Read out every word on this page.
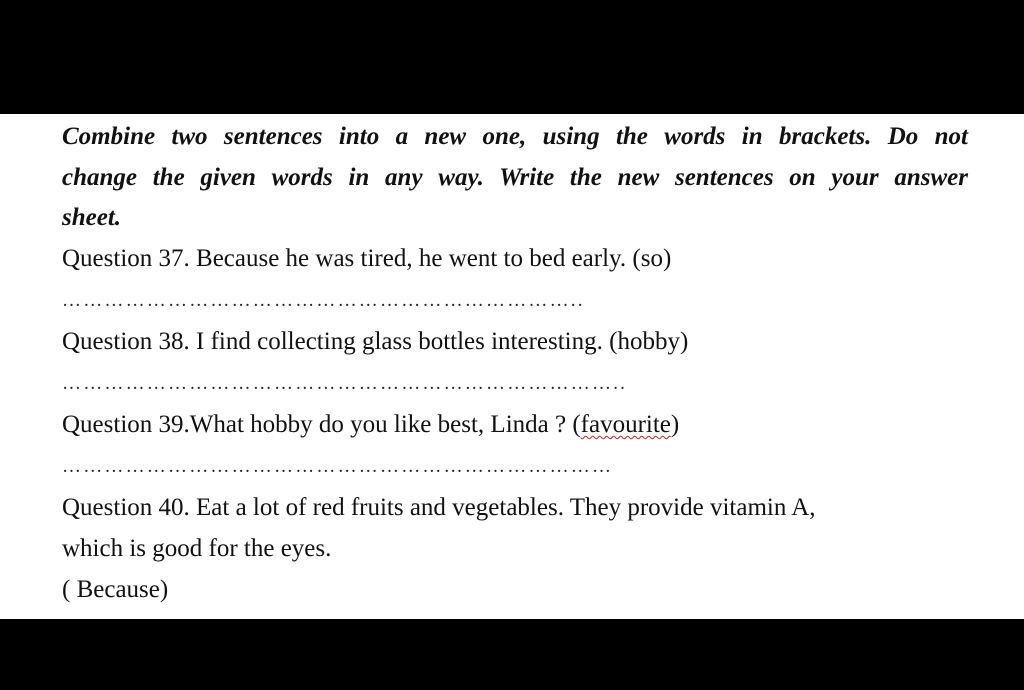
Combine two sentences into a new one, using the words in brackets. Do not

change the given words in any way. Write the new sentences on your answer

sheet.

Question 37. Because he was tired, he went to bed early. (so)

………………………………………………………………..

Question 38. I find collecting glass bottles interesting. (hobby)

……………………………………………………………………..

Question 39.What hobby do you like best, Linda ? (favourite)

……………………………………………………………………

Question 40. Eat a lot of red fruits and vegetables. They provide vitamin A,

which is good for the eyes.

( Because)
